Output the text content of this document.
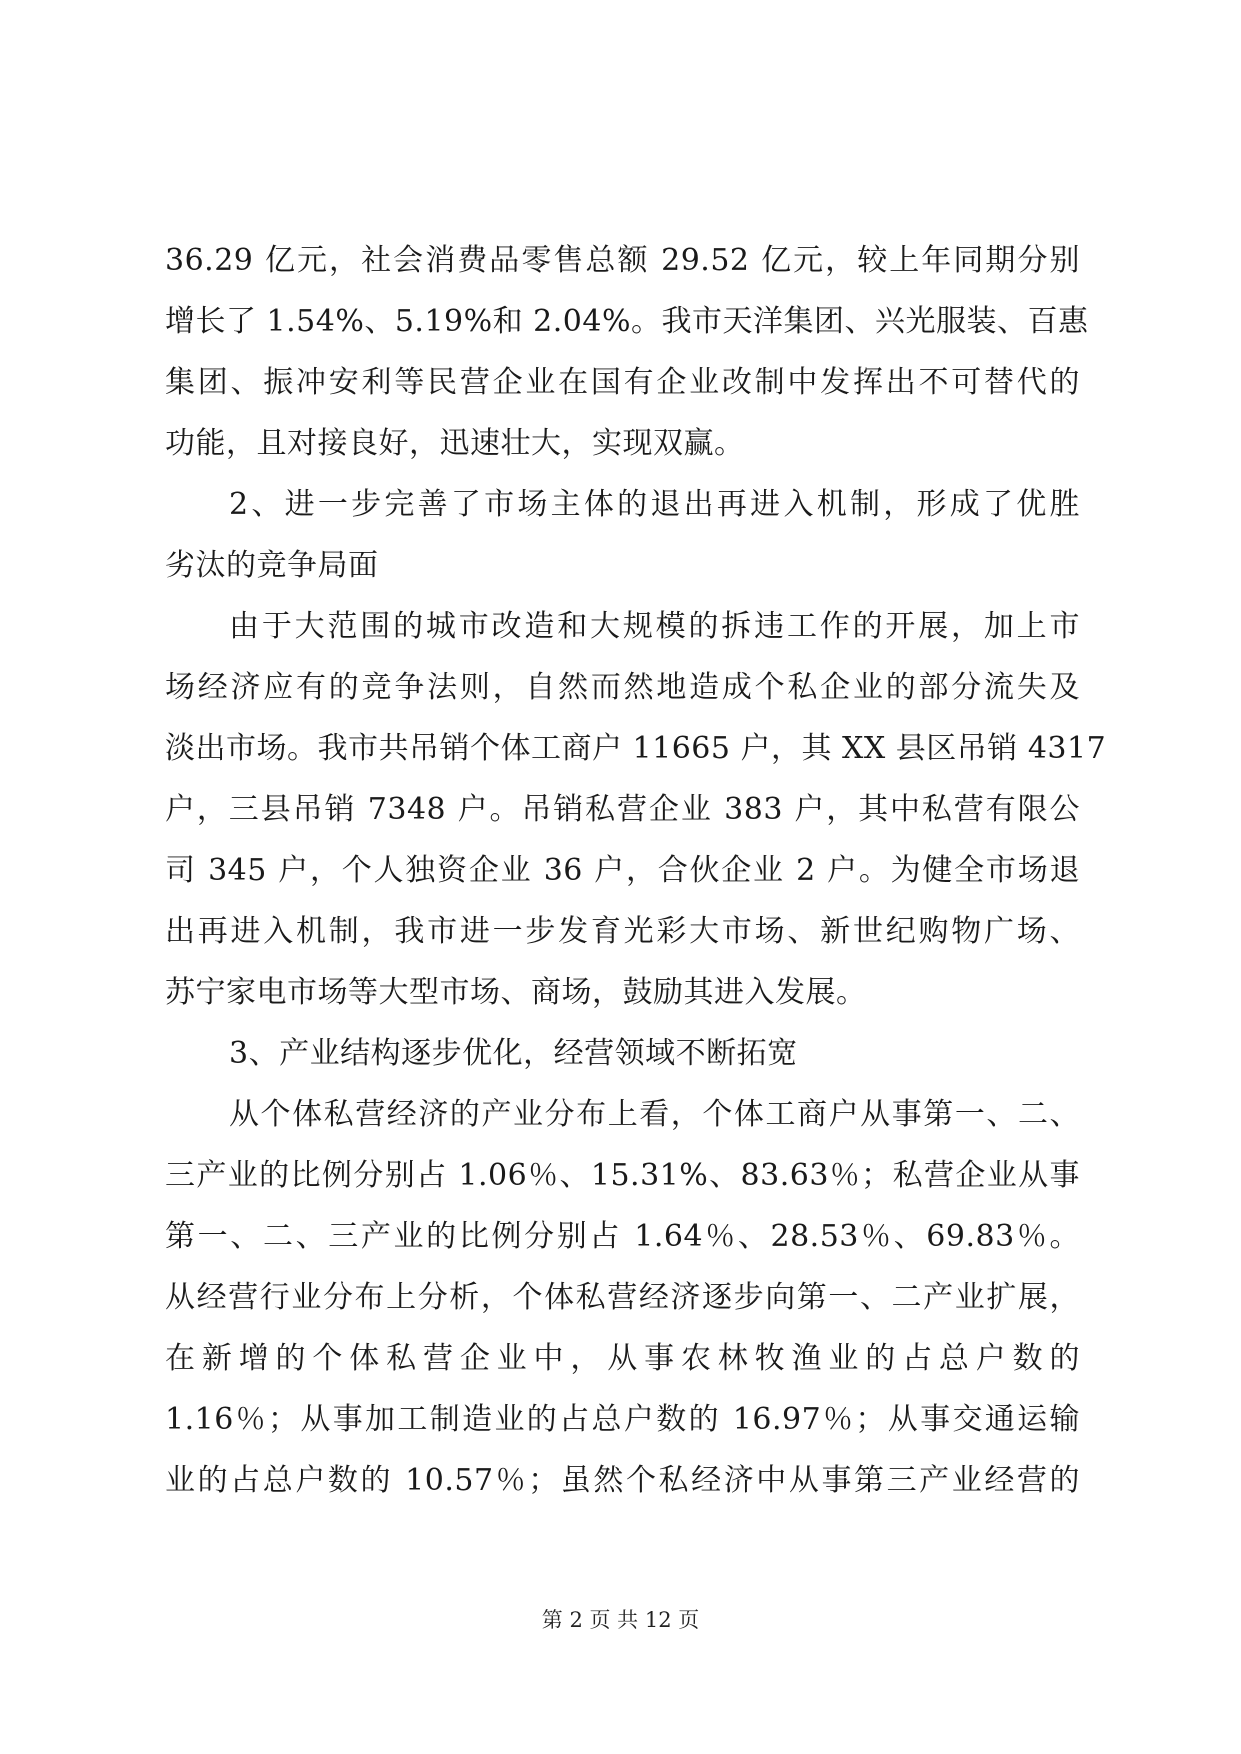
36.29 亿元，社会消费品零售总额 29.52 亿元，较上年同期分别
增长了 1.54%、5.19%和 2.04%。我市天洋集团、兴光服装、百惠
集团、振冲安利等民营企业在国有企业改制中发挥出不可替代的
功能，且对接良好，迅速壮大，实现双赢。
2、进一步完善了市场主体的退出再进入机制，形成了优胜
劣汰的竞争局面
由于大范围的城市改造和大规模的拆违工作的开展，加上市
场经济应有的竞争法则，自然而然地造成个私企业的部分流失及
淡出市场。我市共吊销个体工商户 11665 户，其 XX 县区吊销 4317
户，三县吊销 7348 户。吊销私营企业 383 户，其中私营有限公
司 345 户，个人独资企业 36 户，合伙企业 2 户。为健全市场退
出再进入机制，我市进一步发育光彩大市场、新世纪购物广场、
苏宁家电市场等大型市场、商场，鼓励其进入发展。
3、产业结构逐步优化，经营领域不断拓宽
从个体私营经济的产业分布上看，个体工商户从事第一、二、
三产业的比例分别占 1.06％、15.31%、83.63％；私营企业从事
第一、二、三产业的比例分别占 1.64％、28.53％、69.83％。
从经营行业分布上分析，个体私营经济逐步向第一、二产业扩展，
在新增的个体私营企业中，从事农林牧渔业的占总户数的
1.16％；从事加工制造业的占总户数的 16.97％；从事交通运输
业的占总户数的 10.57％；虽然个私经济中从事第三产业经营的
第 2 页 共 12 页
